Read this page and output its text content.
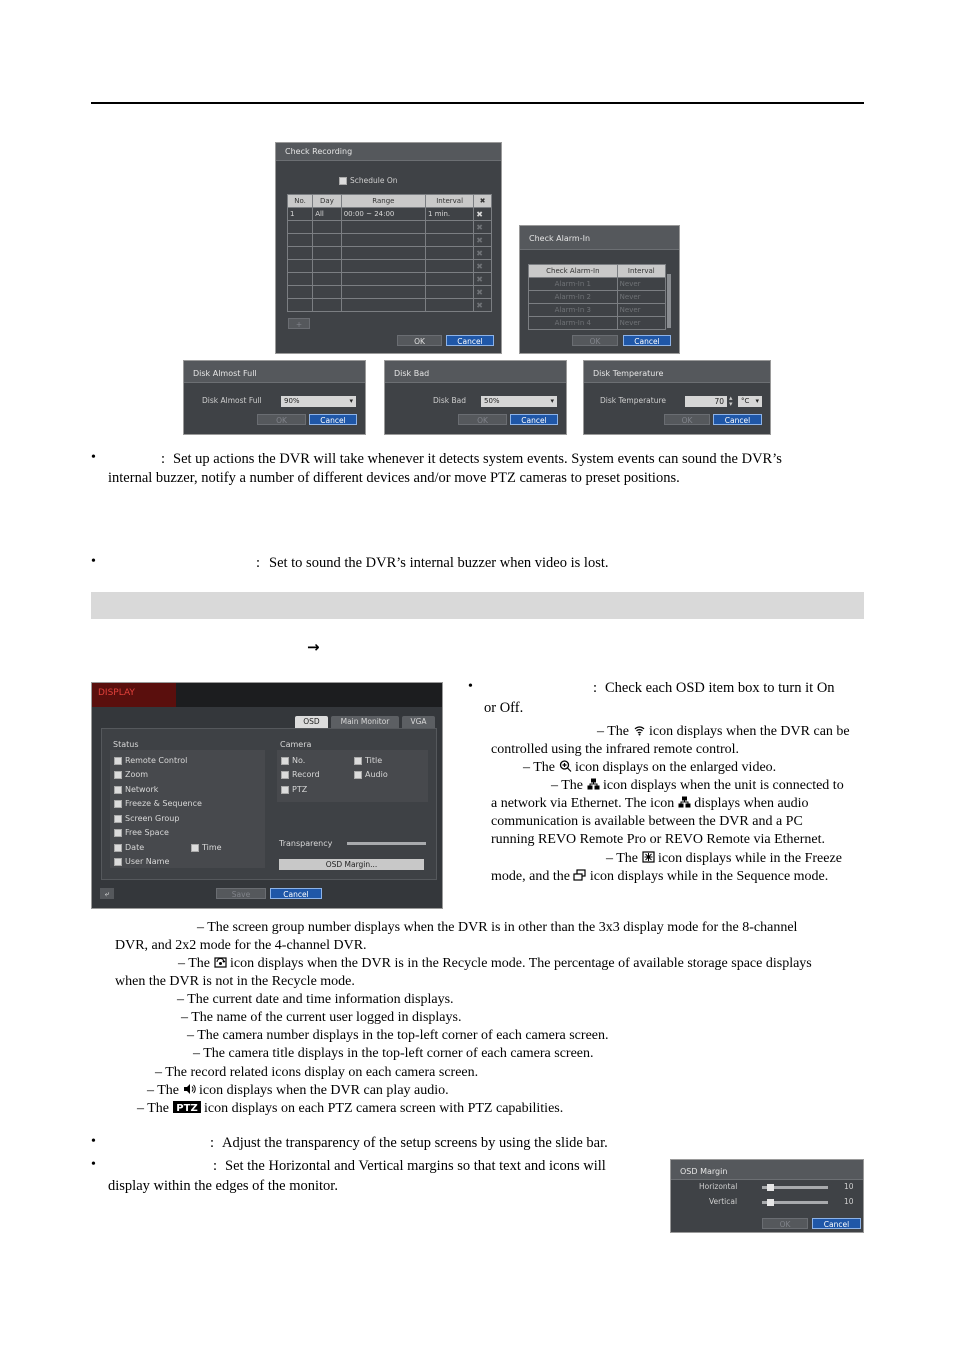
Check Recording
Schedule On
No.	Day	Range	Interval	✖
1	All	00:00 ~ 24:00	1 min.	✖
				✖
				✖
				✖
				✖
				✖
				✖
				✖
+
OK	Cancel
Check Alarm-In
Check Alarm-In	Interval
Alarm-In 1	Never
Alarm-In 2	Never
Alarm-In 3	Never
Alarm-In 4	Never
OK	Cancel
Disk Almost Full
Disk Almost Full	90% ▾
OK	Cancel
Disk Bad
Disk Bad	50% ▾
OK	Cancel
Disk Temperature
Disk Temperature	70 ▴
▾	°C ▾
OK	Cancel
•	: Set up actions the DVR will take whenever it detects system events. System events can sound the DVR’s
internal buzzer, notify a number of different devices and/or move PTZ cameras to preset positions.
•	: Set to sound the DVR’s internal buzzer when video is lost.
→
DISPLAY
OSD	Main Monitor	VGA
Status	Camera
Remote Control
Zoom
Network
Freeze & Sequence
Screen Group
Free Space
Date	Time
User Name
No.	Title
Record	Audio
PTZ
Transparency
OSD Margin...
⤶	Save	Cancel
•	: Check each OSD item box to turn it On
or Off.
– The icon displays when the DVR can be
controlled using the infrared remote control.
– The icon displays on the enlarged video.
– The icon displays when the unit is connected to
a network via Ethernet. The icon displays when audio
communication is available between the DVR and a PC
running REVO Remote Pro or REVO Remote via Ethernet.
– The icon displays while in the Freeze
mode, and the icon displays while in the Sequence mode.
– The screen group number displays when the DVR is in other than the 3x3 display mode for the 8-channel
DVR, and 2x2 mode for the 4-channel DVR.
– The icon displays when the DVR is in the Recycle mode. The percentage of available storage space displays
when the DVR is not in the Recycle mode.
– The current date and time information displays.
– The name of the current user logged in displays.
– The camera number displays in the top-left corner of each camera screen.
– The camera title displays in the top-left corner of each camera screen.
– The record related icons display on each camera screen.
– The icon displays when the DVR can play audio.
– The PTZ icon displays on each PTZ camera screen with PTZ capabilities.
•	: Adjust the transparency of the setup screens by using the slide bar.
•	: Set the Horizontal and Vertical margins so that text and icons will
display within the edges of the monitor.
OSD Margin
Horizontal	10
Vertical	10
OK	Cancel
